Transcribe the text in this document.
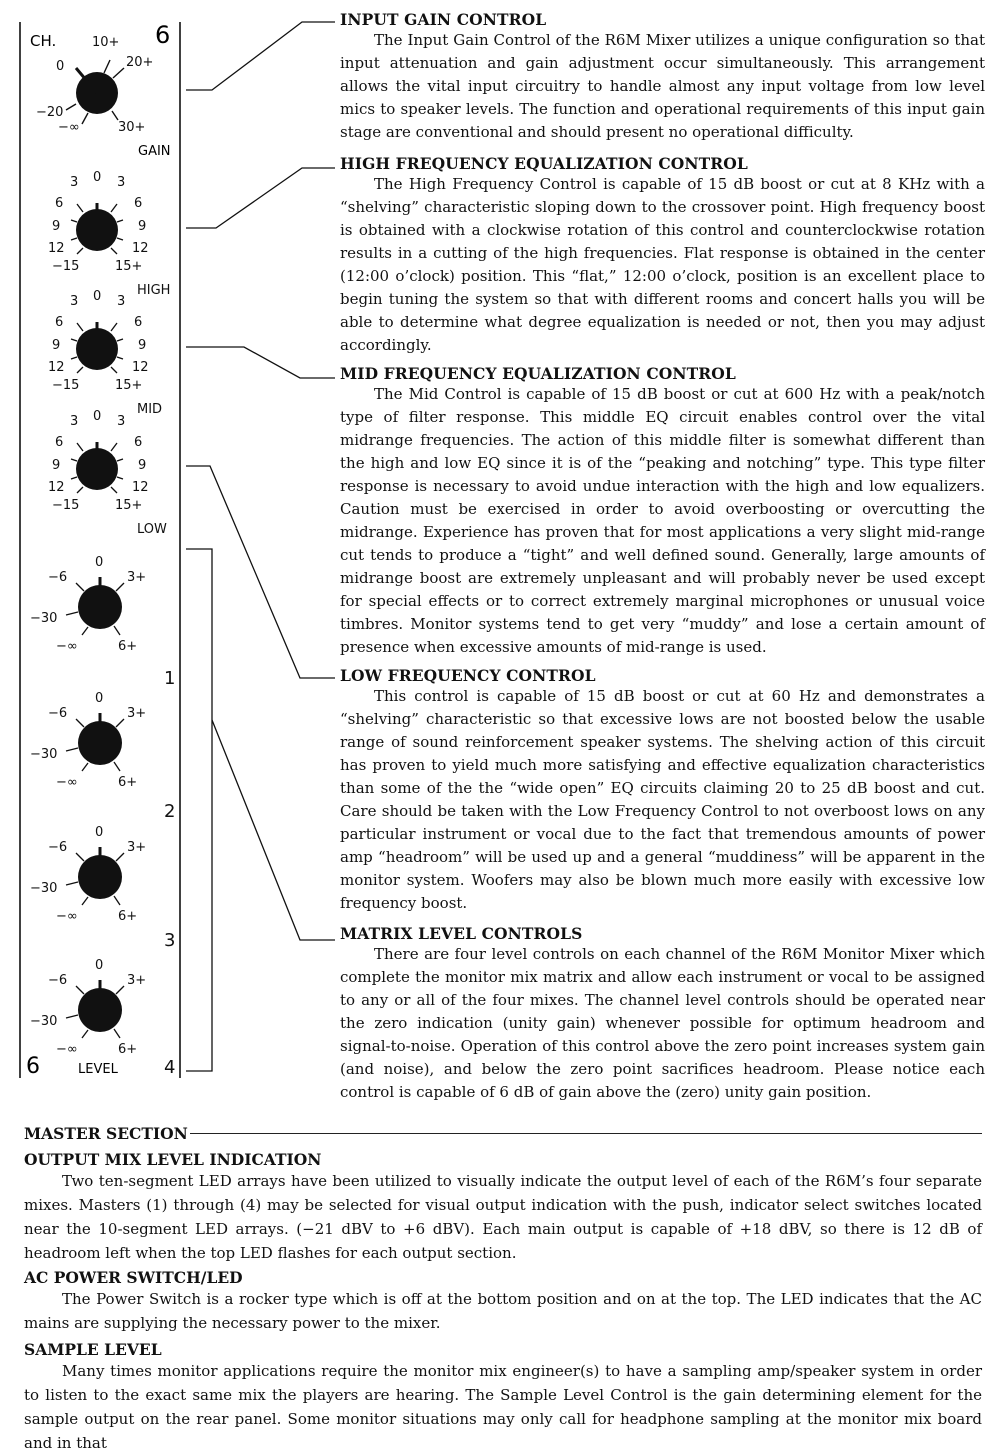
CH.	6
10+
20+
0
−20
−∞	30+
GAIN
3 0 3
6	6
9	9
12	12
−15	15+
HIGH
3 0 3
6	6
9	9
12	12
−15	15+
MID
3 0 3
6	6
9	9
12	12
−15	15+
LOW
0
−6	3+
−30
−∞	6+
1
0
−6	3+
−30
−∞	6+
2
0
−6	3+
−30
−∞	6+
3
0
−6	3+
−30
−∞	6+
4
6	LEVEL
INPUT GAIN CONTROL

The Input Gain Control of the R6M Mixer utilizes a unique configuration so that input attenuation and gain adjustment occur simultaneously. This arrangement allows the vital input circuitry to handle almost any input voltage from low level mics to speaker levels. The function and operational requirements of this input gain stage are conventional and should present no operational difficulty.

HIGH FREQUENCY EQUALIZATION CONTROL

The High Frequency Control is capable of 15 dB boost or cut at 8 KHz with a “shelving” characteristic sloping down to the crossover point. High frequency boost is obtained with a clockwise rotation of this control and counterclockwise rotation results in a cutting of the high frequencies. Flat response is obtained in the center (12:00 o’clock) position. This “flat,” 12:00 o’clock, position is an excellent place to begin tuning the system so that with different rooms and concert halls you will be able to determine what degree equalization is needed or not, then you may adjust accordingly.

MID FREQUENCY EQUALIZATION CONTROL

The Mid Control is capable of 15 dB boost or cut at 600 Hz with a peak/notch type of filter response. This middle EQ circuit enables control over the vital midrange frequencies. The action of this middle filter is somewhat different than the high and low EQ since it is of the “peaking and notching” type. This type filter response is necessary to avoid undue interaction with the high and low equalizers. Caution must be exercised in order to avoid overboosting or overcutting the midrange. Experience has proven that for most applications a very slight mid-range cut tends to produce a “tight” and well defined sound. Generally, large amounts of midrange boost are extremely unpleasant and will probably never be used except for special effects or to correct extremely marginal microphones or unusual voice timbres. Monitor systems tend to get very “muddy” and lose a certain amount of presence when excessive amounts of mid-range is used.

LOW FREQUENCY CONTROL

This control is capable of 15 dB boost or cut at 60 Hz and demonstrates a “shelving” characteristic so that excessive lows are not boosted below the usable range of sound reinforcement speaker systems. The shelving action of this circuit has proven to yield much more satisfying and effective equalization characteristics than some of the the “wide open” EQ circuits claiming 20 to 25 dB boost and cut. Care should be taken with the Low Frequency Control to not overboost lows on any particular instrument or vocal due to the fact that tremendous amounts of power amp “headroom” will be used up and a general “muddiness” will be apparent in the monitor system. Woofers may also be blown much more easily with excessive low frequency boost.

MATRIX LEVEL CONTROLS

There are four level controls on each channel of the R6M Monitor Mixer which complete the monitor mix matrix and allow each instrument or vocal to be assigned to any or all of the four mixes. The channel level controls should be operated near the zero indication (unity gain) whenever possible for optimum headroom and signal-to-noise. Operation of this control above the zero point increases system gain (and noise), and below the zero point sacrifices headroom. Please notice each control is capable of 6 dB of gain above the (zero) unity gain position.

MASTER SECTION
OUTPUT MIX LEVEL INDICATION

Two ten-segment LED arrays have been utilized to visually indicate the output level of each of the R6M’s four separate mixes. Masters (1) through (4) may be selected for visual output indication with the push, indicator select switches located near the 10-segment LED arrays. (−21 dBV to +6 dBV). Each main output is capable of +18 dBV, so there is 12 dB of headroom left when the top LED flashes for each output section.

AC POWER SWITCH/LED

The Power Switch is a rocker type which is off at the bottom position and on at the top. The LED indicates that the AC mains are supplying the necessary power to the mixer.

SAMPLE LEVEL

Many times monitor applications require the monitor mix engineer(s) to have a sampling amp/speaker system in order to listen to the exact same mix the players are hearing. The Sample Level Control is the gain determining element for the sample output on the rear panel. Some monitor situations may only call for headphone sampling at the monitor mix board and in that
